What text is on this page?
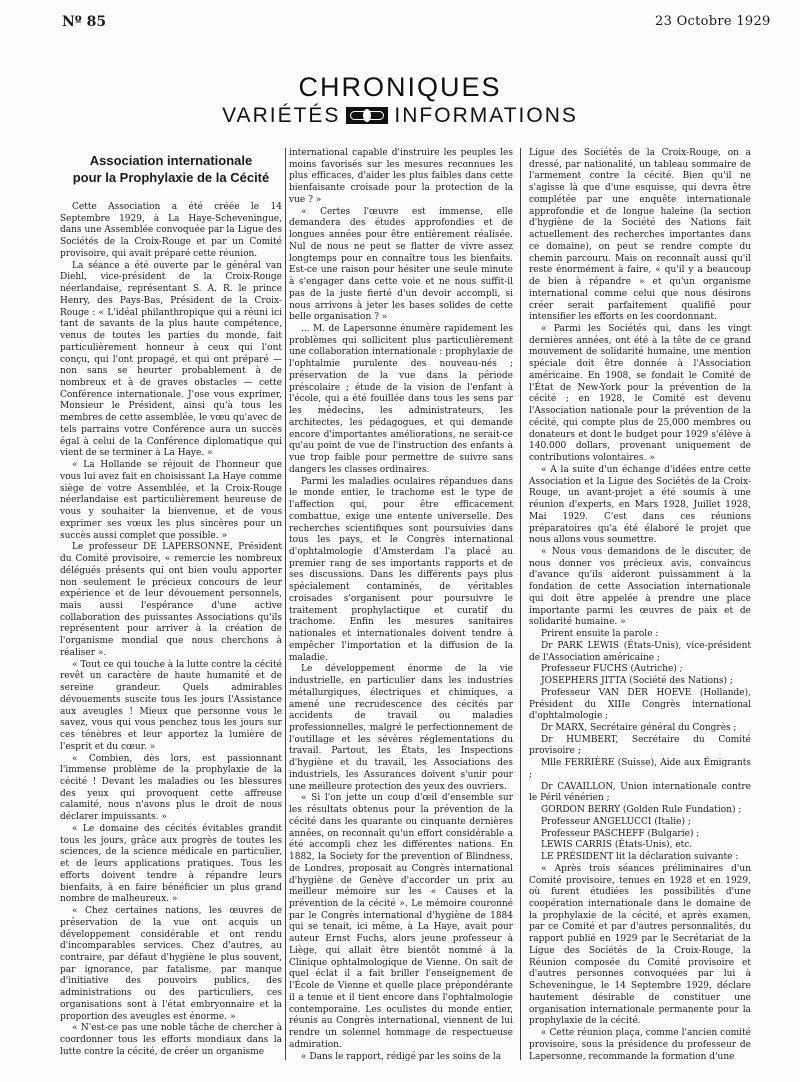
Nº 85	23 Octobre 1929
CHRONIQUES
VARIÉTÉS	INFORMATIONS
Association internationale
pour la Prophylaxie de la Cécité

Cette Association a été créée le 14 Septembre 1929, à La Haye-Scheveningue, dans une Assemblée convoquée par la Ligue des Sociétés de la Croix-Rouge et par un Comité provisoire, qui avait préparé cette réunion.

La séance a été ouverte par le général van Diehl, vice-président de la Croix-Rouge néerlandaise, représentant S. A. R. le prince Henry, des Pays-Bas, Président de la Croix-Rouge : « L'idéal philanthropique qui a réuni ici tant de savants de la plus haute compétence, venus de toutes les parties du monde, fait particulièrement honneur à ceux qui l'ont conçu, qui l'ont propagé, et qui ont préparé — non sans se heurter probablement à de nombreux et à de graves obstacles — cette Conférence internationale. J'ose vous exprimer, Monsieur le Président, ainsi qu'à tous les membres de cette assemblée, le vœu qu'avec de tels parrains votre Conférence aura un succès égal à celui de la Conférence diplomatique qui vient de se terminer à La Haye. »

« La Hollande se réjouit de l'honneur que vous lui avez fait en choisissant La Haye comme siège de votre Assemblée, et la Croix-Rouge néerlandaise est particulièrement heureuse de vous y souhaiter la bienvenue, et de vous exprimer ses vœux les plus sincères pour un succès aussi complet que possible. »

Le professeur DE LAPERSONNE, Président du Comité provisoire, « remercie les nombreux délégués présents qui ont bien voulu apporter non seulement le précieux concours de leur expérience et de leur dévouement personnels, mais aussi l'espérance d'une active collaboration des puissantes Associations qu'ils représentent pour arriver à la création de l'organisme mondial que nous cherchons à réaliser ».

« Tout ce qui touche à la lutte contre la cécité revêt un caractère de haute humanité et de sereine grandeur. Quels admirables dévouements suscite tous les jours l'Assistance aux aveugles ! Mieux que personne vous le savez, vous qui vous penchez tous les jours sur ces ténèbres et leur apportez la lumière de l'esprit et du cœur. »

« Combien, dès lors, est passionnant l'immense problème de la prophylaxie de la cécité ! Devant les maladies ou les blessures des yeux qui provoquent cette affreuse calamité, nous n'avons plus le droit de nous déclarer impuissants. »

« Le domaine des cécités évitables grandit tous les jours, grâce aux progrès de toutes les sciences, de la science médicale en particulier, et de leurs applications pratiques. Tous les efforts doivent tendre à répandre leurs bienfaits, à en faire bénéficier un plus grand nombre de malheureux. »

« Chez certaines nations, les œuvres de préservation de la vue ont acquis un développement considérable et ont rendu d'incomparables services. Chez d'autres, au contraire, par défaut d'hygiène le plus souvent, par ignorance, par fatalisme, par manque d'initiative des pouvoirs publics, des administrations ou des particuliers, ces organisations sont à l'état embryonnaire et la proportion des aveugles est énorme. »

« N'est-ce pas une noble tâche de chercher à coordonner tous les efforts mondiaux dans la lutte contre la cécité, de créer un organisme

international capable d'instruire les peuples les moins favorisés sur les mesures reconnues les plus efficaces, d'aider les plus faibles dans cette bienfaisante croisade pour la protection de la vue ? »

« Certes l'œuvre est immense, elle demandera des études approfondies et de longues années pour être entièrement réalisée. Nul de nous ne peut se flatter de vivre assez longtemps pour en connaître tous les bienfaits. Est-ce une raison pour hésiter une seule minute à s'engager dans cette voie et ne nous suffit-il pas de la juste fierté d'un devoir accompli, si nous arrivons à jeter les bases solides de cette belle organisation ? »

... M. de Lapersonne énumère rapidement les problèmes qui sollicitent plus particulièrement une collaboration internationale : prophylaxie de l'ophtalmie purulente des nouveau-nés ; préservation de la vue dans la période préscolaire ; étude de la vision de l'enfant à l'école, qui a été fouillée dans tous les sens par les médecins, les administrateurs, les architectes, les pédagogues, et qui demande encore d'importantes améliorations, ne serait-ce qu'au point de vue de l'instruction des enfants à vue trop faible pour permettre de suivre sans dangers les classes ordinaires.

Parmi les maladies oculaires répandues dans le monde entier, le trachome est le type de l'affection qui, pour être efficacement combattue, exige une entente universelle. Des recherches scientifiques sont poursuivies dans tous les pays, et le Congrès international d'ophtalmologie d'Amsterdam l'a placé au premier rang de ses importants rapports et de ses discussions. Dans les différents pays plus spécialement contaminés, de véritables croisades s'organisent pour poursuivre le traitement prophylactique et curatif du trachome. Enfin les mesures sanitaires nationales et internationales doivent tendre à empêcher l'importation et la diffusion de la maladie.

Le développement énorme de la vie industrielle, en particulier dans les industries métallurgiques, électriques et chimiques, a amené une recrudescence des cécités par accidents de travail ou maladies professionnelles, malgré le perfectionnement de l'outillage et les sévères réglementations du travail. Partout, les États, les Inspections d'hygiène et du travail, les Associations des industriels, les Assurances doivent s'unir pour une meilleure protection des yeux des ouvriers.

« Si l'on jette un coup d'œil d'ensemble sur les résultats obtenus pour la prévention de la cécité dans les quarante ou cinquante dernières années, on reconnaît qu'un effort considérable a été accompli chez les différentes nations. En 1882, la Society for the prevention of Blindness, de Londres, proposait au Congrès international d'hygiène de Genève d'accorder un prix au meilleur mémoire sur les « Causes et la prévention de la cécité ». Le mémoire couronné par le Congrès international d'hygiène de 1884 qui se tenait, ici même, à La Haye, avait pour auteur Ernst Fuchs, alors jeune professeur à Liège, qui allait être bientôt nommé à la Clinique ophtalmologique de Vienne. On sait de quel éclat il a fait briller l'enseignement de l'École de Vienne et quelle place prépondérante il a tenue et il tient encore dans l'ophtalmologie contemporaine. Les oculistes du monde entier, réunis au Congrès international, viennent de lui rendre un solennel hommage de respectueuse admiration.

« Dans le rapport, rédigé par les soins de la

Ligue des Sociétés de la Croix-Rouge, on a dressé, par nationalité, un tableau sommaire de l'armement contre la cécité. Bien qu'il ne s'agisse là que d'une esquisse, qui devra être complétée par une enquête internationale approfondie et de longue haleine (la section d'hygiène de la Société des Nations fait actuellement des recherches importantes dans ce domaine), on peut se rendre compte du chemin parcouru. Mais on reconnaît aussi qu'il reste énormément à faire, « qu'il y a beaucoup de bien à répandre » et qu'un organisme international comme celui que nous désirons créer serait parfaitement qualifié pour intensifier les efforts en les coordonnant.

« Parmi les Sociétés qui, dans les vingt dernières années, ont été à la tête de ce grand mouvement de solidarité humaine, une mention spéciale doit être donnée à l'Association américaine. En 1908, se fondait le Comité de l'État de New-York pour la prévention de la cécité ; en 1928, le Comité est devenu l'Association nationale pour la prévention de la cécité, qui compte plus de 25,000 membres ou donateurs et dont le budget pour 1929 s'élève à 140.000 dollars, provenant uniquement de contributions volontaires. »

« A la suite d'un échange d'idées entre cette Association et la Ligue des Sociétés de la Croix-Rouge, un avant-projet a été soumis à une réunion d'experts, en Mars 1928, Juillet 1928, Mai 1929. C'est dans ces réunions préparatoires qu'a été élaboré le projet que nous allons vous soumettre.

« Nous vous demandons de le discuter, de nous donner vos précieux avis, convaincus d'avance qu'ils aideront puissamment à la fondation de cette Association internationale qui doit être appelée à prendre une place importante parmi les œuvres de paix et de solidarité humaine. »

Prirent ensuite la parole :

Dr PARK LEWIS (États-Unis), vice-président de l'Association américaine ;
Professeur FUCHS (Autriche) ;
JOSEPHERS JITTA (Société des Nations) ;
Professeur VAN DER HOEVE (Hollande), Président du XIIIe Congrès international d'ophtalmologie ;
Dr MARX, Secrétaire général du Congrès ;
Dr HUMBERT, Secrétaire du Comité provisoire ;
Mlle FERRIÈRE (Suisse), Aide aux Émigrants ;
Dr CAVAILLON, Union internationale contre le Péril vénérien ;
GORDON BERRY (Golden Rule Fundation) ;
Professeur ANGELUCCI (Italie) ;
Professeur PASCHEFF (Bulgarie) ;
LEWIS CARRIS (États-Unis), etc.

LE PRÉSIDENT lit la déclaration suivante :

« Après trois séances préliminaires d'un Comité provisoire, tenues en 1928 et en 1929, où furent étudiées les possibilités d'une coopération internationale dans le domaine de la prophylaxie de la cécité, et après examen, par ce Comité et par d'autres personnalités, du rapport publié en 1929 par le Secrétariat de la Ligue des Sociétés de la Croix-Rouge, la Réunion composée du Comité provisoire et d'autres personnes convoquées par lui à Scheveningue, le 14 Septembre 1929, déclare hautement désirable de constituer une organisation internationale permanente pour la prophylaxie de la cécité.

« Cette réunion plaça, comme l'ancien comité provisoire, sous la présidence du professeur de Lapersonne, recommande la formation d'une
